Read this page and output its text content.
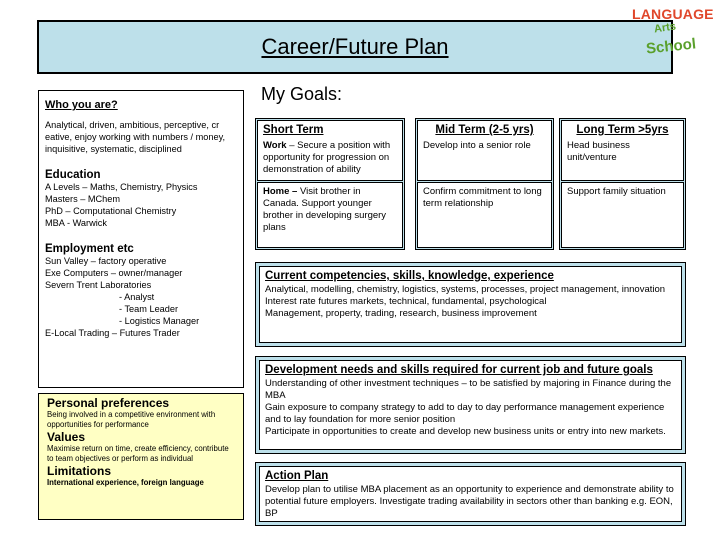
Career/Future Plan
LANGUAGE
Arts
School
Who you are?
Analytical, driven, ambitious, perceptive, cr eative, enjoy working with numbers / money, inquisitive, systematic, disciplined
Education
A Levels – Maths, Chemistry, Physics
Masters – MChem
PhD – Computational Chemistry
MBA - Warwick
Employment etc
Sun Valley – factory operative
Exe Computers – owner/manager
Severn Trent Laboratories
- Analyst
- Team Leader
- Logistics Manager
E-Local Trading – Futures Trader
Personal preferences
Being involved in a competitive environment with opportunities for performance
Values
Maximise return on time, create efficiency, contribute to team objectives or perform as individual
Limitations
International experience, foreign language
My Goals:
Short Term
Work – Secure a position with opportunity for progression on demonstration of ability
Home – Visit brother in Canada. Support younger brother in developing surgery plans
Mid Term (2-5 yrs)
Develop into a senior role
Confirm commitment to long term relationship
Long Term >5yrs
Head business unit/venture
Support family situation
Current competencies, skills, knowledge, experience
Analytical, modelling, chemistry, logistics, systems, processes, project management, innovation
Interest rate futures markets, technical, fundamental, psychological
Management, property, trading, research, business improvement
Development needs and skills required for current job and future goals
Understanding of other investment techniques – to be satisfied by majoring in Finance during the MBA
Gain exposure to company strategy to add to day to day performance management experience and to lay foundation for more senior position
Participate in opportunities to create and develop new business units or entry into new markets.
Action Plan
Develop plan to utilise MBA placement as an opportunity to experience and demonstrate ability to potential future employers. Investigate trading availability in sectors other than banking e.g. EON, BP
